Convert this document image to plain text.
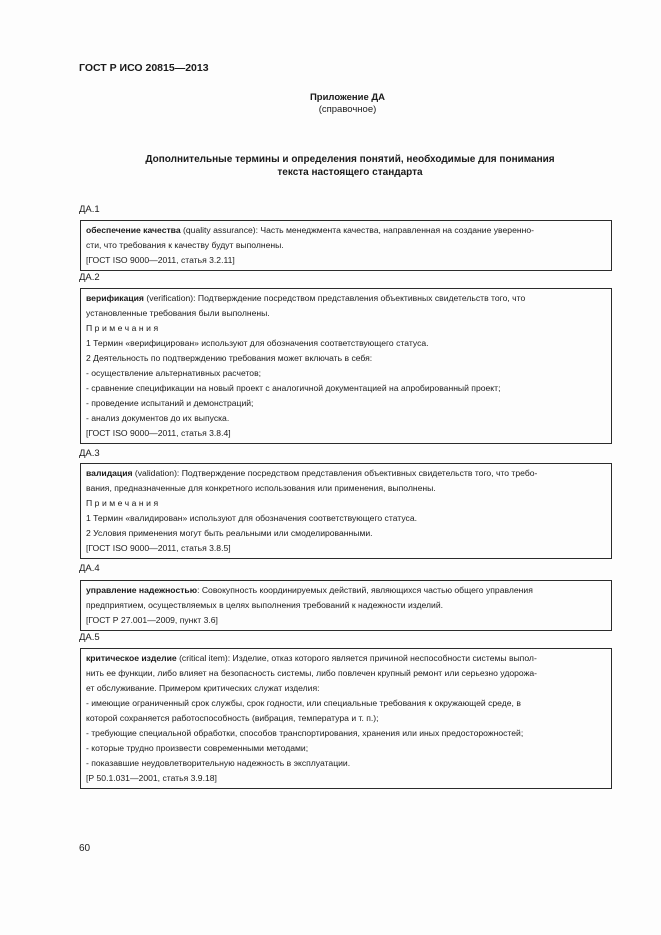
ГОСТ Р ИСО 20815—2013
Приложение ДА
(справочное)
Дополнительные термины и определения понятий, необходимые для понимания
текста настоящего стандарта
ДА.1

обеспечение качества (quality assurance): Часть менеджмента качества, направленная на создание уверенно-

сти, что требования к качеству будут выполнены.

[ГОСТ ISO 9000—2011, статья 3.2.11]

ДА.2

верификация (verification): Подтверждение посредством представления объективных свидетельств того, что

установленные требования были выполнены.

Примечания

1 Термин «верифицирован» используют для обозначения соответствующего статуса.

2 Деятельность по подтверждению требования может включать в себя:

- осуществление альтернативных расчетов;

- сравнение спецификации на новый проект с аналогичной документацией на апробированный проект;

- проведение испытаний и демонстраций;

- анализ документов до их выпуска.

[ГОСТ ISO 9000—2011, статья 3.8.4]

ДА.3

валидация (validation): Подтверждение посредством представления объективных свидетельств того, что требо-

вания, предназначенные для конкретного использования или применения, выполнены.

Примечания

1 Термин «валидирован» используют для обозначения соответствующего статуса.

2 Условия применения могут быть реальными или смоделированными.

[ГОСТ ISO 9000—2011, статья 3.8.5]

ДА.4

управление надежностью: Совокупность координируемых действий, являющихся частью общего управления

предприятием, осуществляемых в целях выполнения требований к надежности изделий.

[ГОСТ Р 27.001—2009, пункт 3.6]

ДА.5

критическое изделие (critical item): Изделие, отказ которого является причиной неспособности системы выпол-

нить ее функции, либо влияет на безопасность системы, либо повлечен крупный ремонт или серьезно удорожа-

ет обслуживание. Примером критических служат изделия:

- имеющие ограниченный срок службы, срок годности, или специальные требования к окружающей среде, в

которой сохраняется работоспособность (вибрация, температура и т. п.);

- требующие специальной обработки, способов транспортирования, хранения или иных предосторожностей;

- которые трудно произвести современными методами;

- показавшие неудовлетворительную надежность в эксплуатации.

[Р 50.1.031—2001, статья 3.9.18]

60
